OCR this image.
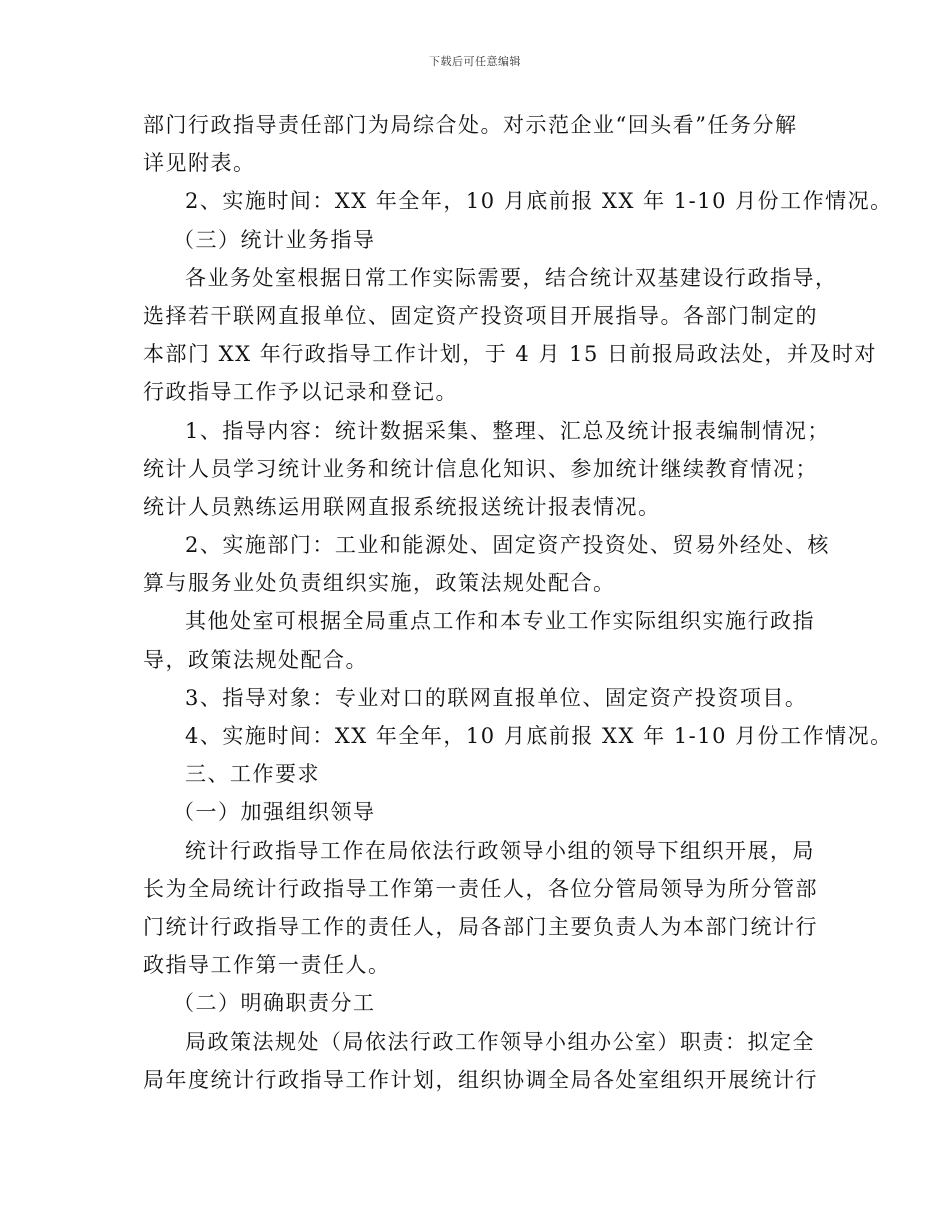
下载后可任意编辑
部门行政指导责任部门为局综合处。对示范企业“回头看”任务分解
详见附表。
2、实施时间：XX 年全年，10 月底前报 XX 年 1-10 月份工作情况。
（三）统计业务指导
各业务处室根据日常工作实际需要，结合统计双基建设行政指导，
选择若干联网直报单位、固定资产投资项目开展指导。各部门制定的
本部门 XX 年行政指导工作计划，于 4 月 15 日前报局政法处，并及时对
行政指导工作予以记录和登记。
1、指导内容：统计数据采集、整理、汇总及统计报表编制情况；
统计人员学习统计业务和统计信息化知识、参加统计继续教育情况；
统计人员熟练运用联网直报系统报送统计报表情况。
2、实施部门：工业和能源处、固定资产投资处、贸易外经处、核
算与服务业处负责组织实施，政策法规处配合。
其他处室可根据全局重点工作和本专业工作实际组织实施行政指
导，政策法规处配合。
3、指导对象：专业对口的联网直报单位、固定资产投资项目。
4、实施时间：XX 年全年，10 月底前报 XX 年 1-10 月份工作情况。
三、工作要求
（一）加强组织领导
统计行政指导工作在局依法行政领导小组的领导下组织开展，局
长为全局统计行政指导工作第一责任人，各位分管局领导为所分管部
门统计行政指导工作的责任人，局各部门主要负责人为本部门统计行
政指导工作第一责任人。
（二）明确职责分工
局政策法规处（局依法行政工作领导小组办公室）职责：拟定全
局年度统计行政指导工作计划，组织协调全局各处室组织开展统计行
